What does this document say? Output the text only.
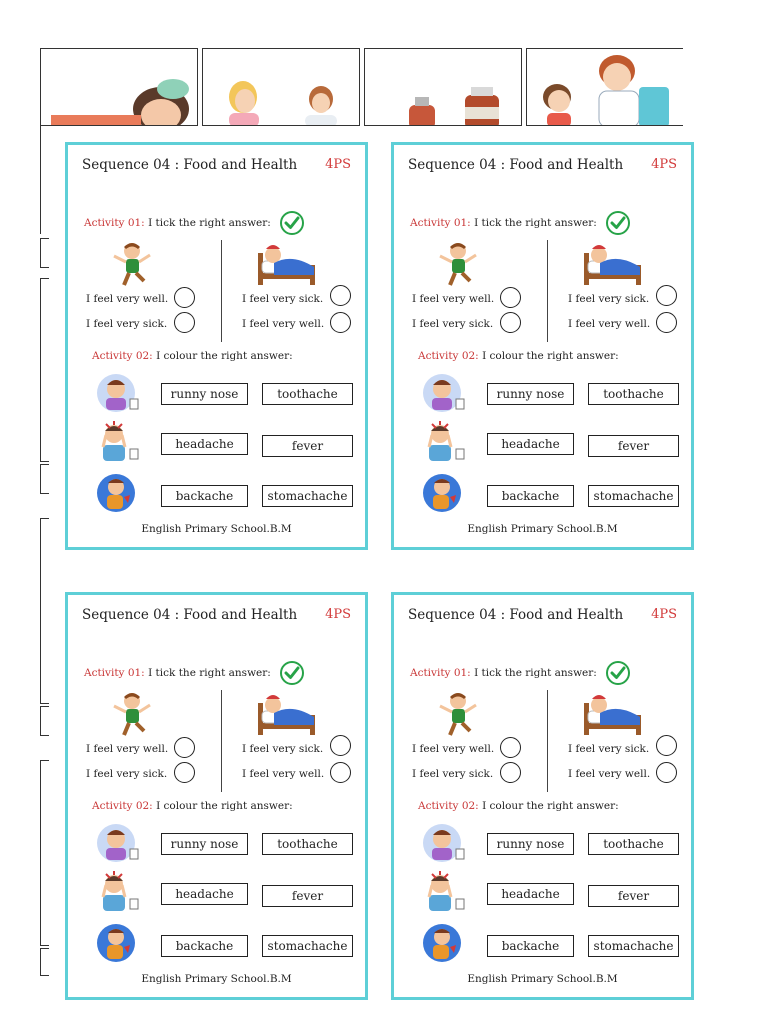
Sequence 04 : Food and Health 4PS
Activity 01: I tick the right answer:
I feel very well.
I feel very sick.
I feel very sick.
I feel very well.
Activity 02: I colour the right answer:
runny nose	toothache
headache	fever
backache	stomachache
English Primary School.B.M
Sequence 04 : Food and Health 4PS
Activity 01: I tick the right answer:
I feel very well.
I feel very sick.
I feel very sick.
I feel very well.
Activity 02: I colour the right answer:
runny nose	toothache
headache	fever
backache	stomachache
English Primary School.B.M
Sequence 04 : Food and Health 4PS
Activity 01: I tick the right answer:
I feel very well.
I feel very sick.
I feel very sick.
I feel very well.
Activity 02: I colour the right answer:
runny nose	toothache
headache	fever
backache	stomachache
English Primary School.B.M
Sequence 04 : Food and Health 4PS
Activity 01: I tick the right answer:
I feel very well.
I feel very sick.
I feel very sick.
I feel very well.
Activity 02: I colour the right answer:
runny nose	toothache
headache	fever
backache	stomachache
English Primary School.B.M
